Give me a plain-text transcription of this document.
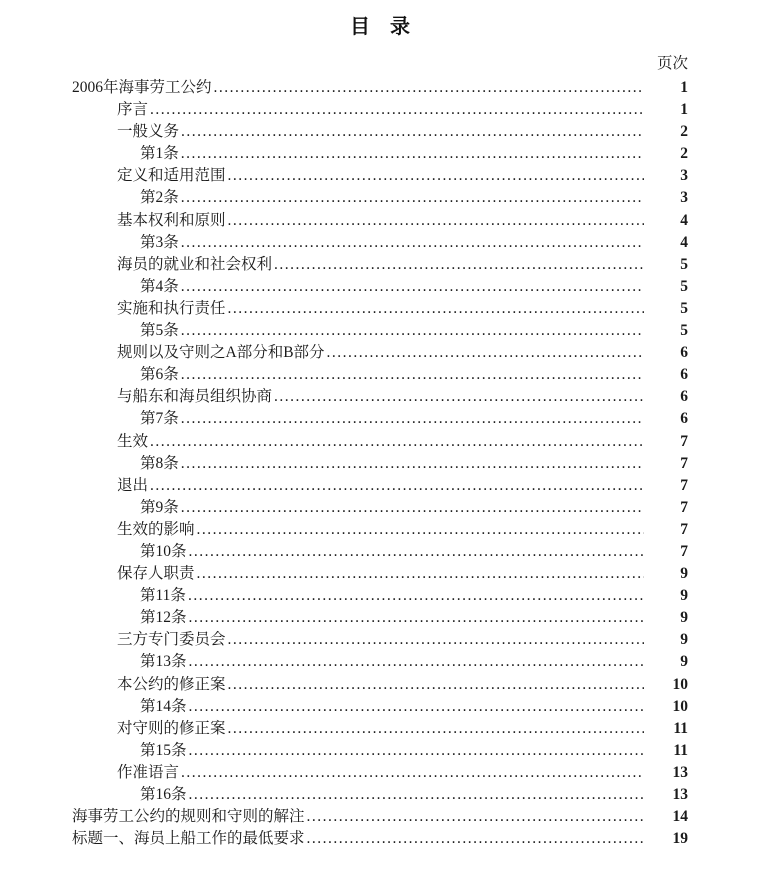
目　录
页次
2006年海事劳工公约 .....	1
序言 .....	1
一般义务 .....	2
第1条 .....	2
定义和适用范围 .....	3
第2条 .....	3
基本权利和原则 .....	4
第3条 .....	4
海员的就业和社会权利 .....	5
第4条 .....	5
实施和执行责任 .....	5
第5条 .....	5
规则以及守则之A部分和B部分 .....	6
第6条 .....	6
与船东和海员组织协商 .....	6
第7条 .....	6
生效 .....	7
第8条 .....	7
退出 .....	7
第9条 .....	7
生效的影响 .....	7
第10条 .....	7
保存人职责 .....	9
第11条 .....	9
第12条 .....	9
三方专门委员会 .....	9
第13条 .....	9
本公约的修正案 .....	10
第14条 .....	10
对守则的修正案 .....	11
第15条 .....	11
作准语言 .....	13
第16条 .....	13
海事劳工公约的规则和守则的解注 .....	14
标题一、海员上船工作的最低要求 .....	19
